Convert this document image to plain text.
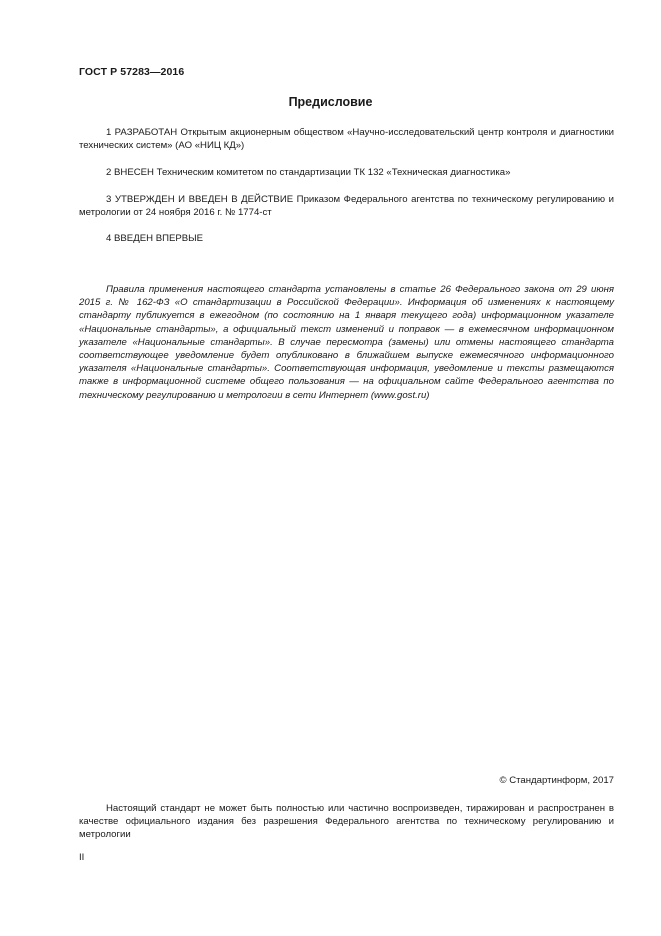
ГОСТ Р 57283—2016
Предисловие

1 РАЗРАБОТАН Открытым акционерным обществом «Научно-исследовательский центр контроля и диагностики технических систем» (АО «НИЦ КД»)

2 ВНЕСЕН Техническим комитетом по стандартизации ТК 132 «Техническая диагностика»

3 УТВЕРЖДЕН И ВВЕДЕН В ДЕЙСТВИЕ Приказом Федерального агентства по техническому регулированию и метрологии от 24 ноября 2016 г. № 1774-ст

4 ВВЕДЕН ВПЕРВЫЕ

Правила применения настоящего стандарта установлены в статье 26 Федерального закона от 29 июня 2015 г. № 162-ФЗ «О стандартизации в Российской Федерации». Информация об изменениях к настоящему стандарту публикуется в ежегодном (по состоянию на 1 января текущего года) информационном указателе «Национальные стандарты», а официальный текст изменений и поправок — в ежемесячном информационном указателе «Национальные стандарты». В случае пересмотра (замены) или отмены настоящего стандарта соответствующее уведомление будет опубликовано в ближайшем выпуске ежемесячного информационного указателя «Национальные стандарты». Соответствующая информация, уведомление и тексты размещаются также в информационной системе общего пользования — на официальном сайте Федерального агентства по техническому регулированию и метрологии в сети Интернет (www.gost.ru)

© Стандартинформ, 2017

Настоящий стандарт не может быть полностью или частично воспроизведен, тиражирован и распространен в качестве официального издания без разрешения Федерального агентства по техническому регулированию и метрологии

II
